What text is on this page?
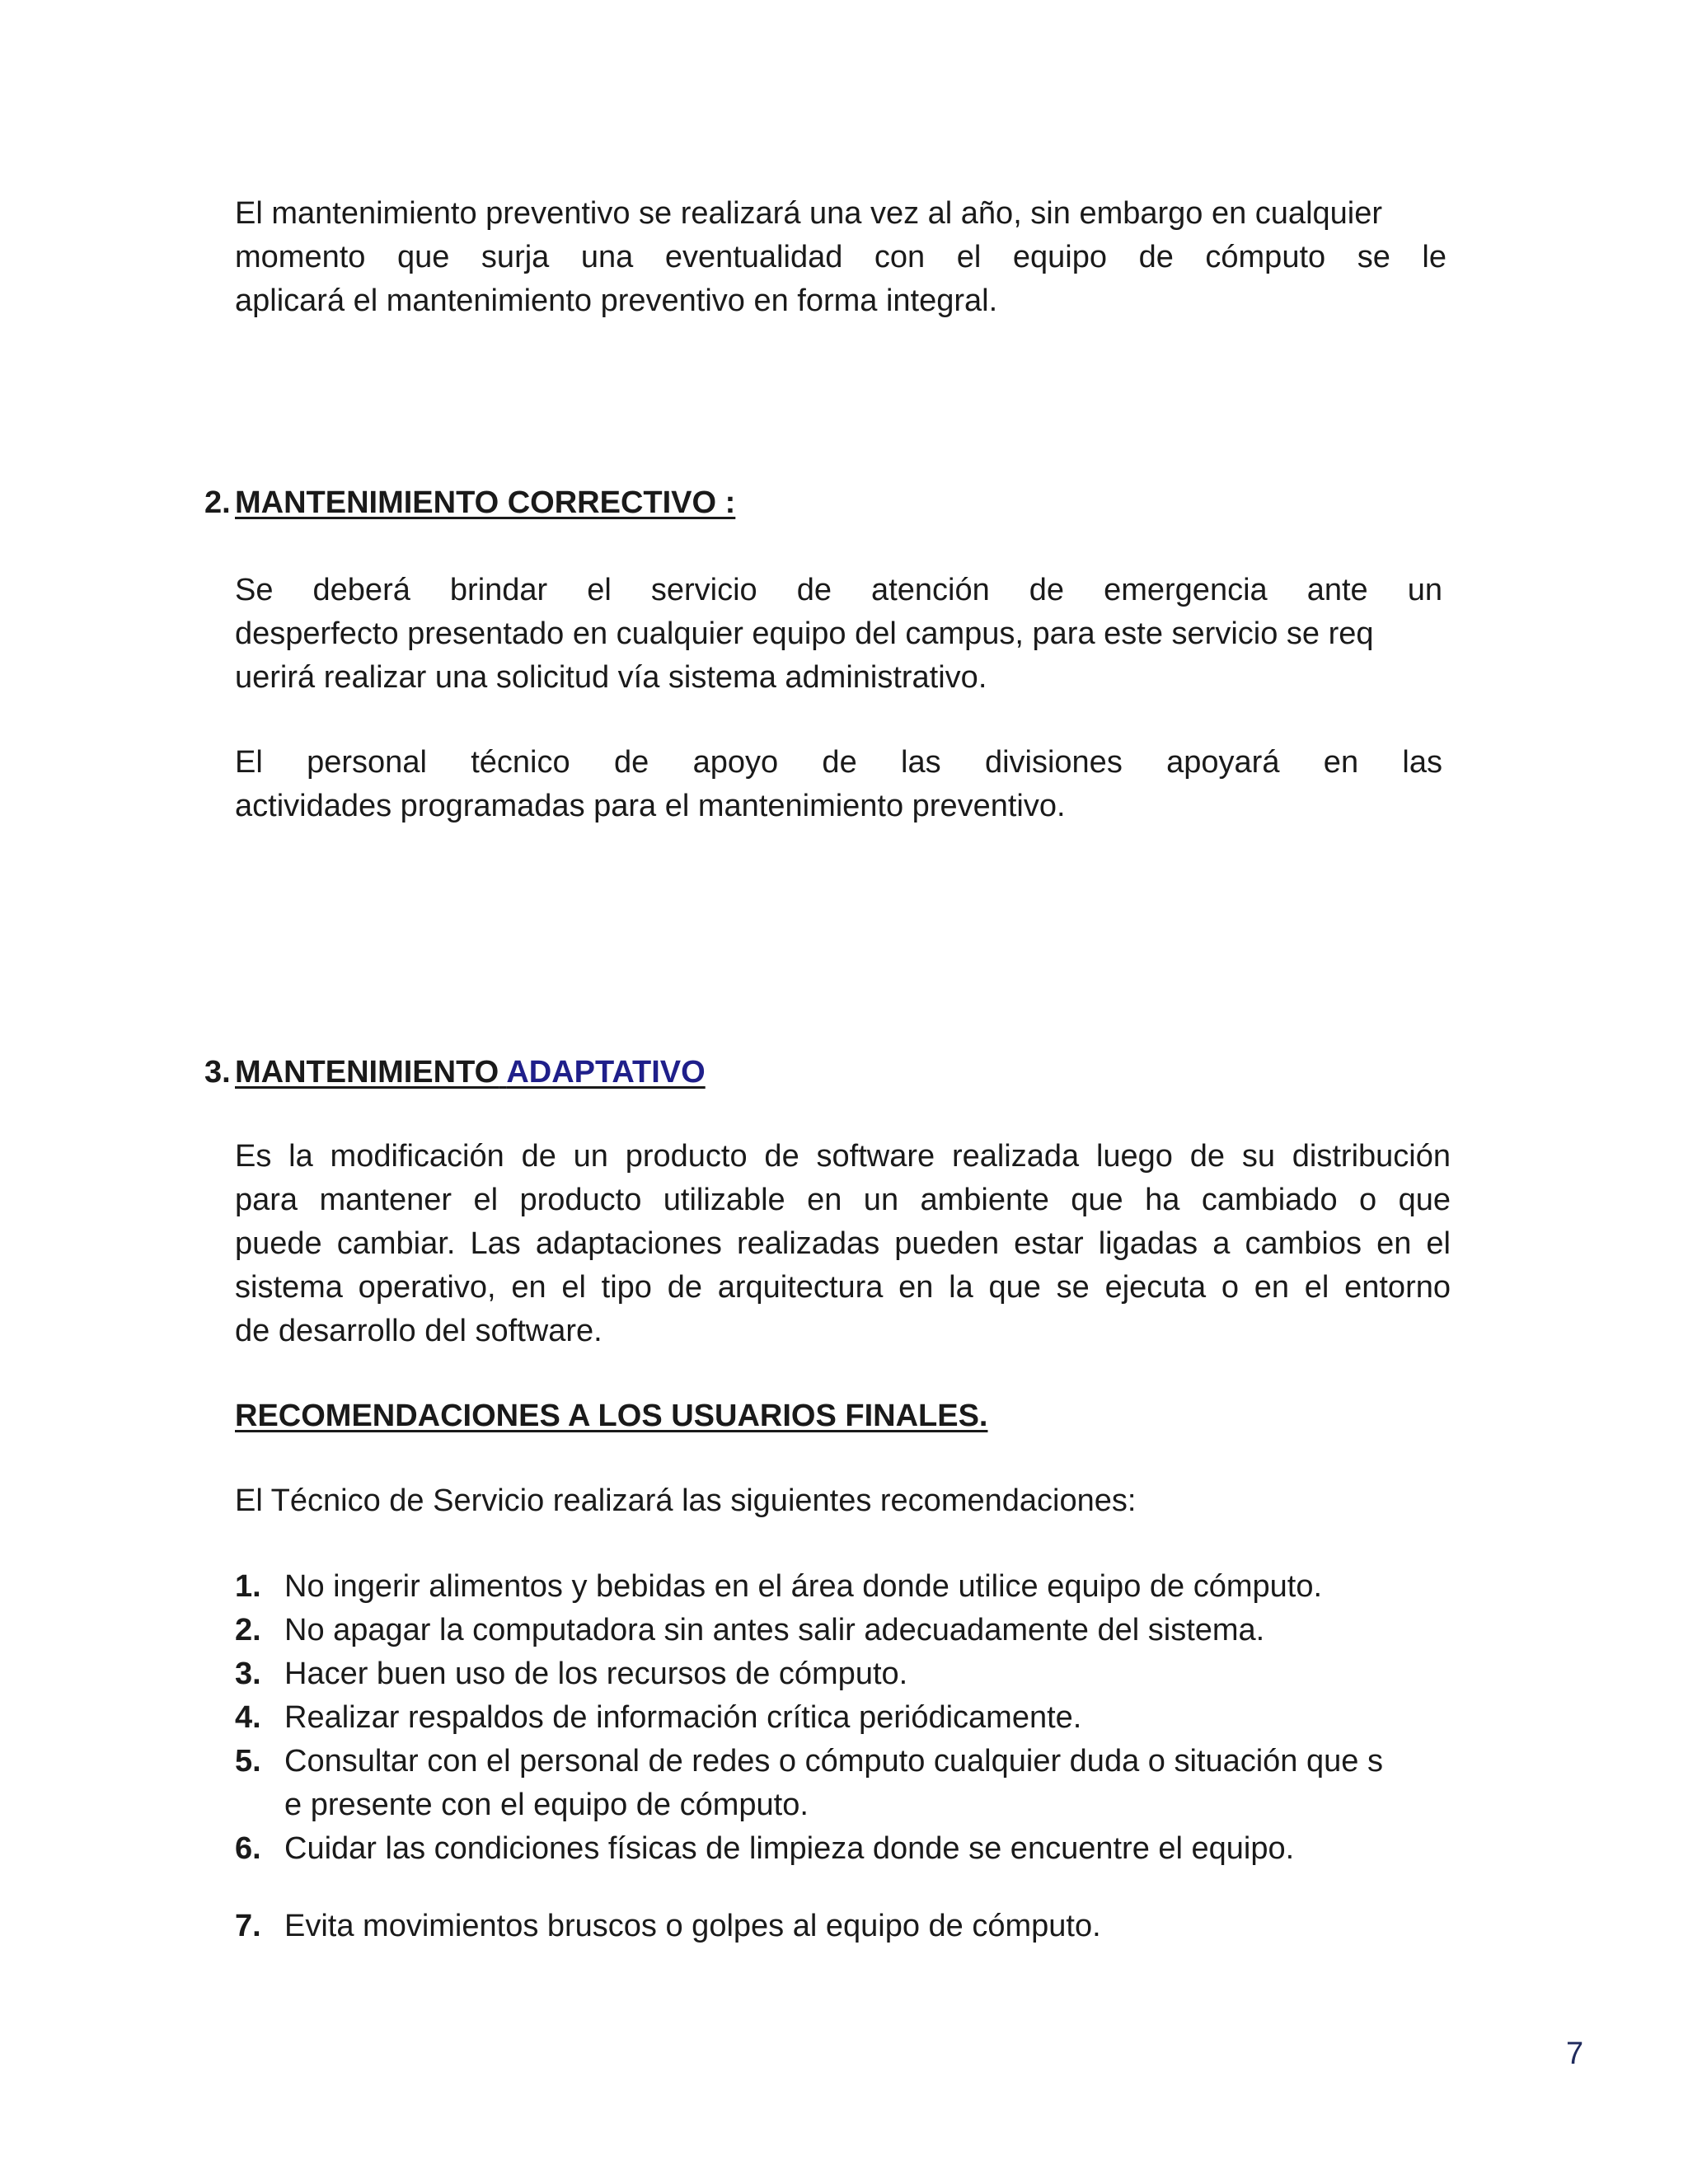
El mantenimiento preventivo se realizará una vez al año, sin embargo en cualquier
momento que surja una eventualidad con el equipo de cómputo se le
aplicará el mantenimiento preventivo en forma integral.
2. MANTENIMIENTO CORRECTIVO :
Se deberá brindar el servicio de atención de emergencia ante un
desperfecto presentado en cualquier equipo del campus, para este servicio se req
uerirá realizar una solicitud vía sistema administrativo.
El personal técnico de apoyo de las divisiones apoyará en las
actividades programadas para el mantenimiento preventivo.
3. MANTENIMIENTO ADAPTATIVO
Es la modificación de un producto de software realizada luego de su distribución
para mantener el producto utilizable en un ambiente que ha cambiado o que
puede cambiar. Las adaptaciones realizadas pueden estar ligadas a cambios en el
sistema operativo, en el tipo de arquitectura en la que se ejecuta o en el entorno
de desarrollo del software.
RECOMENDACIONES A LOS USUARIOS FINALES.
El Técnico de Servicio realizará las siguientes recomendaciones:
1. No ingerir alimentos y bebidas en el área donde utilice equipo de cómputo.
2. No apagar la computadora sin antes salir adecuadamente del sistema.
3. Hacer buen uso de los recursos de cómputo.
4. Realizar respaldos de información crítica periódicamente.
5. Consultar con el personal de redes o cómputo cualquier duda o situación que s
e presente con el equipo de cómputo.
6. Cuidar las condiciones físicas de limpieza donde se encuentre el equipo.
7. Evita movimientos bruscos o golpes al equipo de cómputo.
7
